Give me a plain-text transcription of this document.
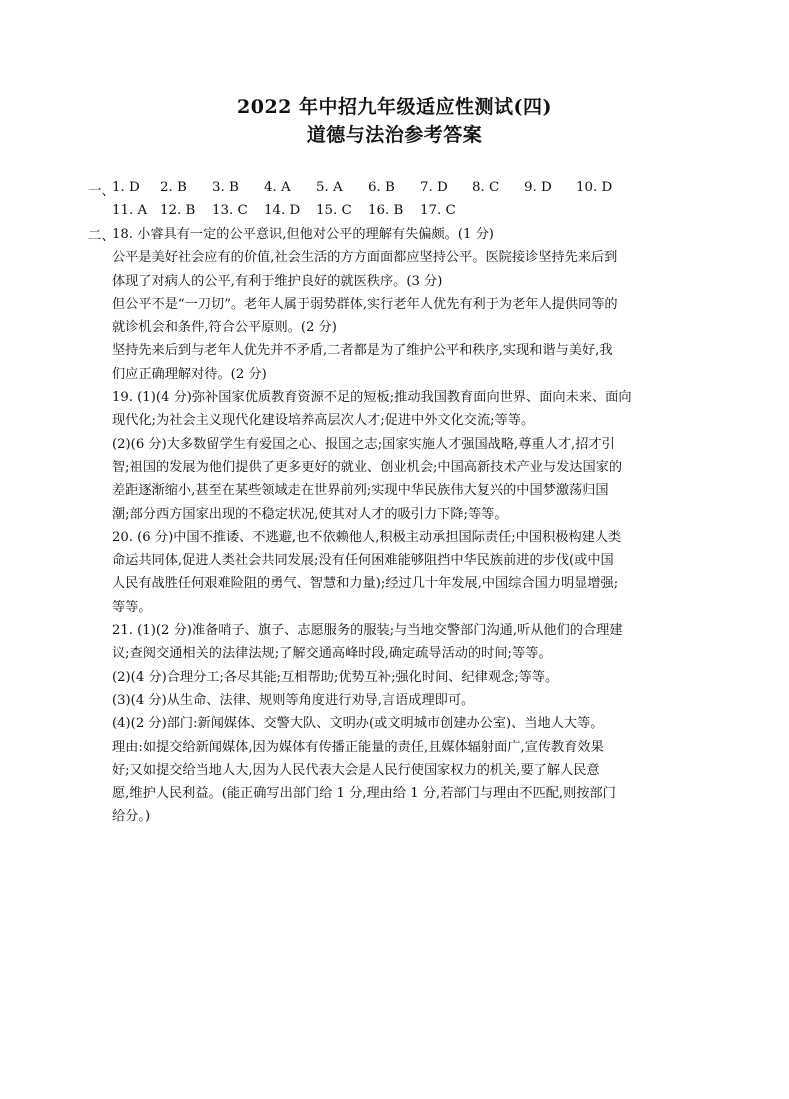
2022 年中招九年级适应性测试(四)
道德与法治参考答案
一、
1. D 2. B 3. B 4. A 5. A 6. B 7. D 8. C 9. D 10. D
11. A 12. B 13. C 14. D 15. C 16. B 17. C
二、
18. 小睿具有一定的公平意识,但他对公平的理解有失偏颇。(1 分)
公平是美好社会应有的价值,社会生活的方方面面都应坚持公平。医院接诊坚持先来后到
体现了对病人的公平,有利于维护良好的就医秩序。(3 分)
但公平不是“一刀切”。老年人属于弱势群体,实行老年人优先有利于为老年人提供同等的
就诊机会和条件,符合公平原则。(2 分)
坚持先来后到与老年人优先并不矛盾,二者都是为了维护公平和秩序,实现和谐与美好,我
们应正确理解对待。(2 分)
19. (1)(4 分)弥补国家优质教育资源不足的短板;推动我国教育面向世界、面向未来、面向
现代化;为社会主义现代化建设培养高层次人才;促进中外文化交流;等等。
(2)(6 分)大多数留学生有爱国之心、报国之志;国家实施人才强国战略,尊重人才,招才引
智;祖国的发展为他们提供了更多更好的就业、创业机会;中国高新技术产业与发达国家的
差距逐渐缩小,甚至在某些领域走在世界前列;实现中华民族伟大复兴的中国梦激荡归国
潮;部分西方国家出现的不稳定状况,使其对人才的吸引力下降;等等。
20. (6 分)中国不推诿、不逃避,也不依赖他人,积极主动承担国际责任;中国积极构建人类
命运共同体,促进人类社会共同发展;没有任何困难能够阻挡中华民族前进的步伐(或中国
人民有战胜任何艰难险阻的勇气、智慧和力量);经过几十年发展,中国综合国力明显增强;
等等。
21. (1)(2 分)准备哨子、旗子、志愿服务的服装;与当地交警部门沟通,听从他们的合理建
议;查阅交通相关的法律法规;了解交通高峰时段,确定疏导活动的时间;等等。
(2)(4 分)合理分工;各尽其能;互相帮助;优势互补;强化时间、纪律观念;等等。
(3)(4 分)从生命、法律、规则等角度进行劝导,言语成理即可。
(4)(2 分)部门:新闻媒体、交警大队、文明办(或文明城市创建办公室)、当地人大等。
理由:如提交给新闻媒体,因为媒体有传播正能量的责任,且媒体辐射面广,宣传教育效果
好;又如提交给当地人大,因为人民代表大会是人民行使国家权力的机关,要了解人民意
愿,维护人民利益。(能正确写出部门给 1 分,理由给 1 分,若部门与理由不匹配,则按部门
给分。)
